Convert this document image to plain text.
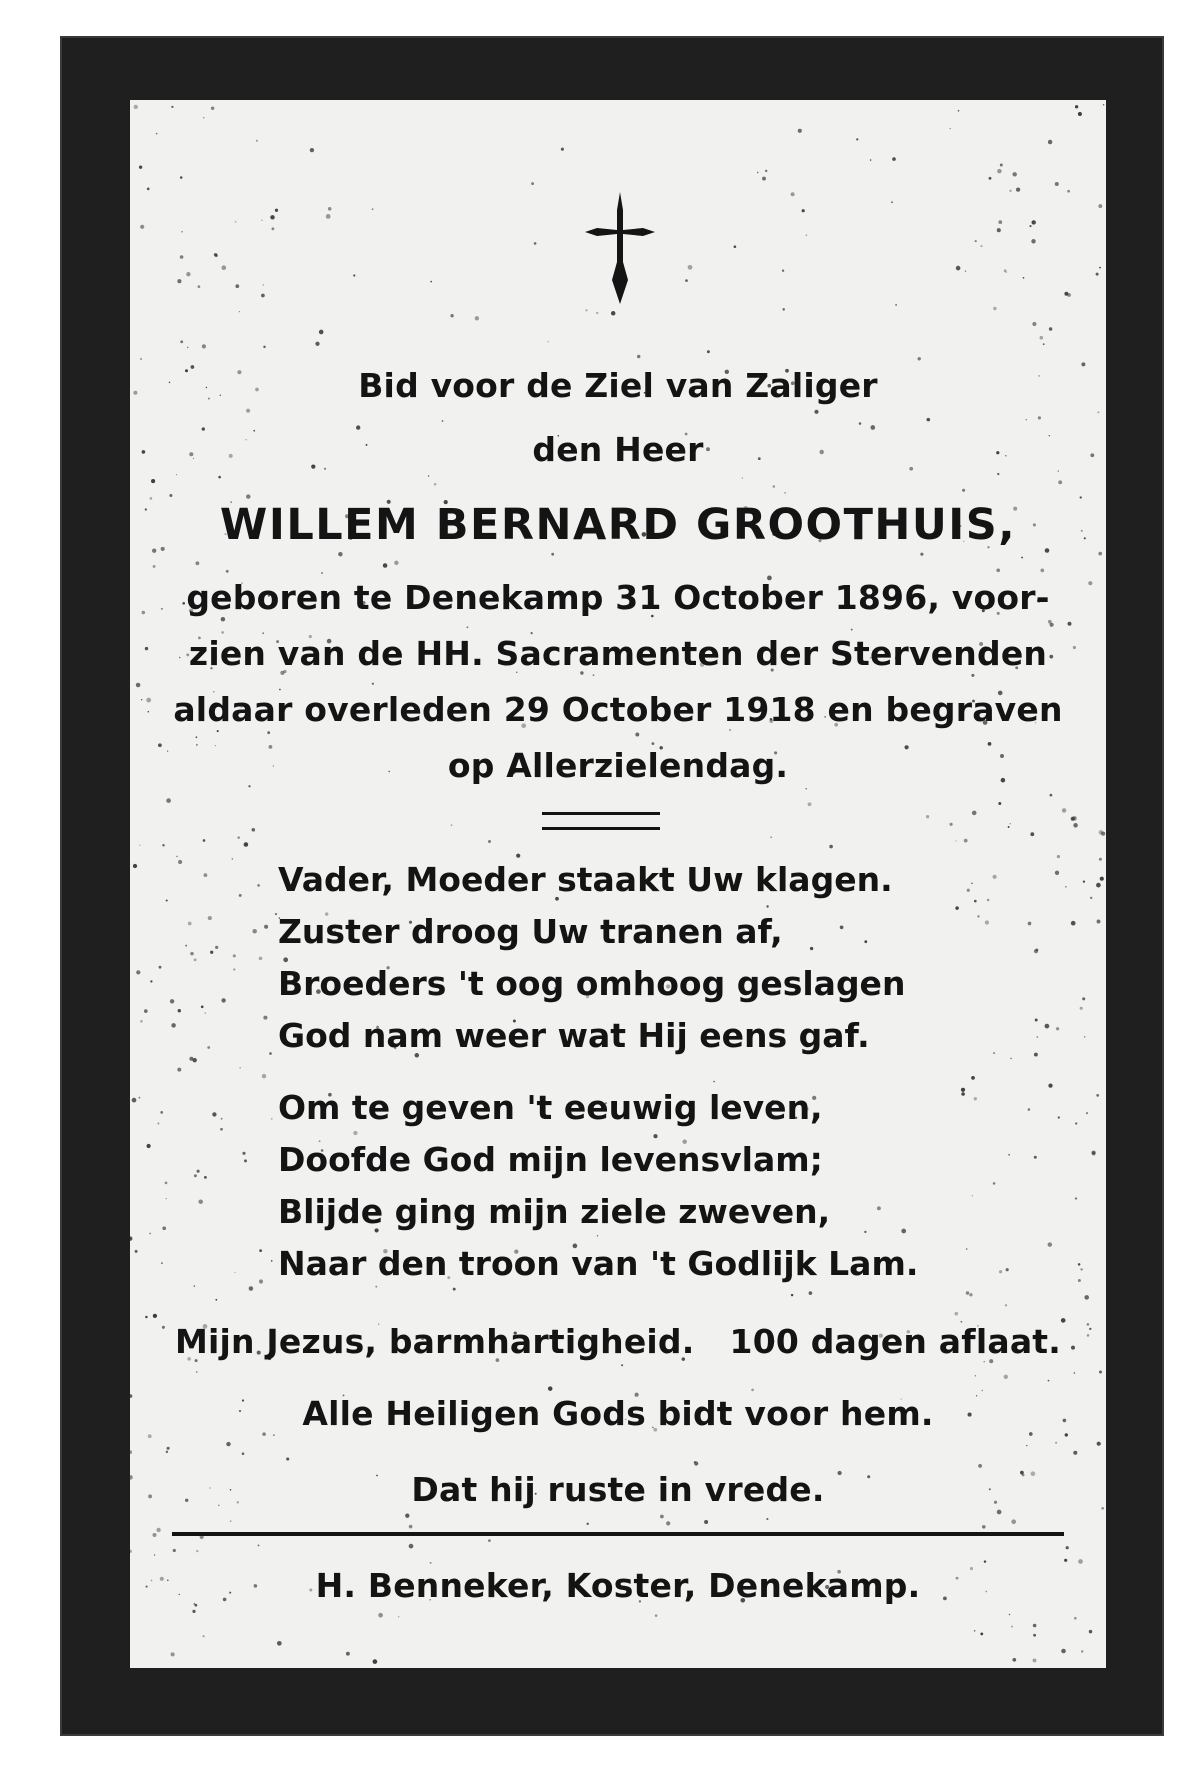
Bid voor de Ziel van Zaliger
den Heer
WILLEM BERNARD GROOTHUIS,
geboren te Denekamp 31 October 1896, voor-
zien van de HH. Sacramenten der Stervenden
aldaar overleden 29 October 1918 en begraven
op Allerzielendag.
Vader, Moeder staakt Uw klagen.
Zuster droog Uw tranen af,
Broeders 't oog omhoog geslagen
God nam weer wat Hij eens gaf.
Om te geven 't eeuwig leven,
Doofde God mijn levensvlam;
Blijde ging mijn ziele zweven,
Naar den troon van 't Godlijk Lam.
Mijn Jezus, barmhartigheid.   100 dagen aflaat.
Alle Heiligen Gods bidt voor hem.
Dat hij ruste in vrede.
H. Benneker, Koster, Denekamp.
